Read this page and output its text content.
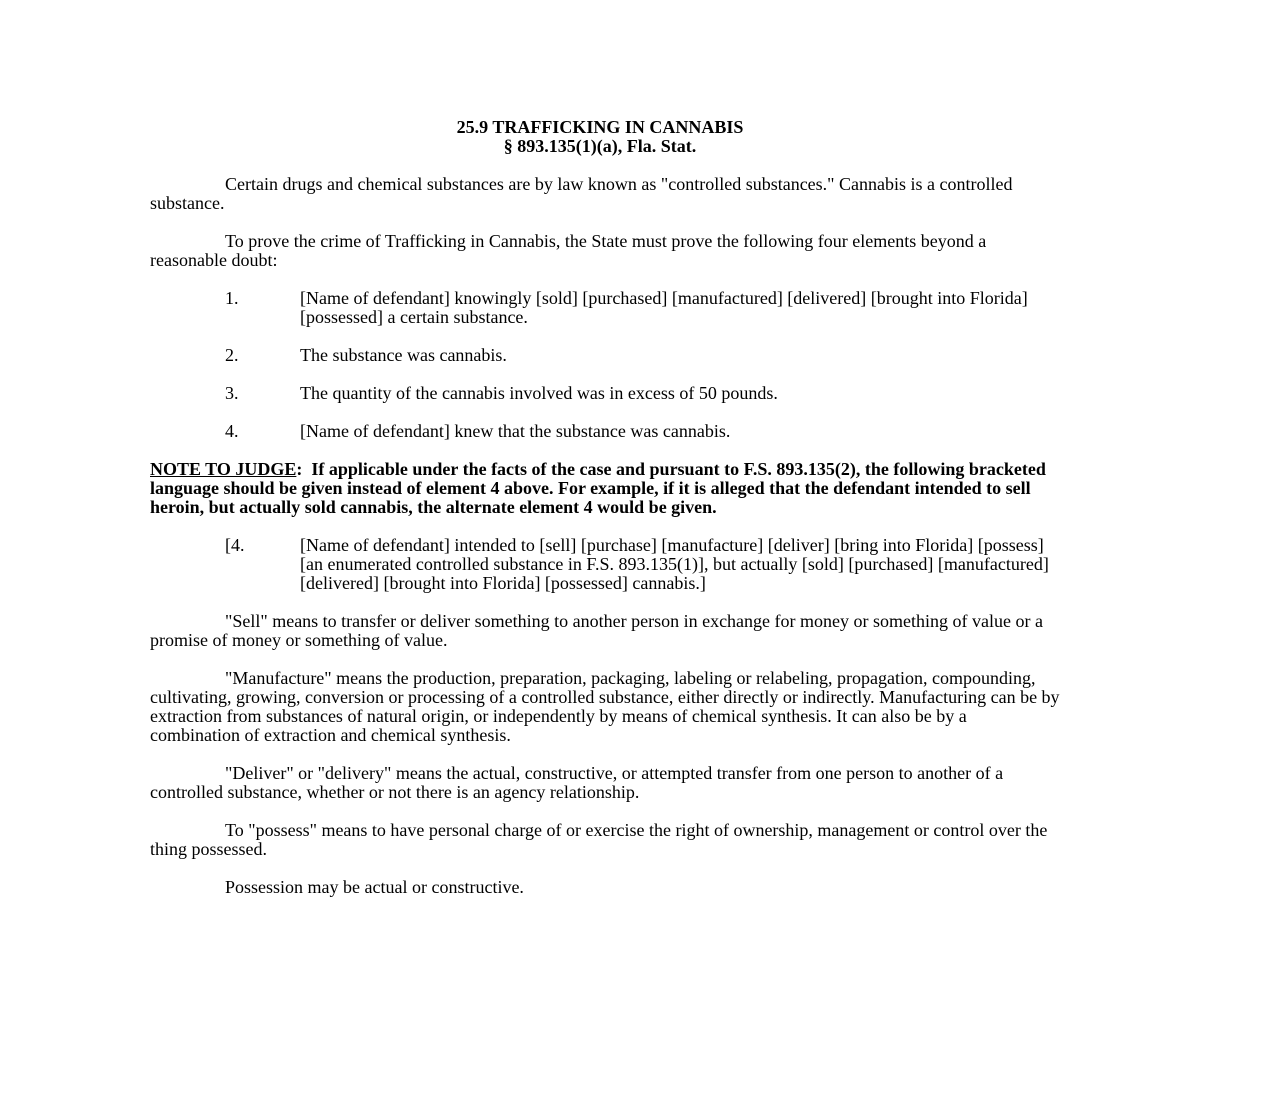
25.9 TRAFFICKING IN CANNABIS
§ 893.135(1)(a), Fla. Stat.

Certain drugs and chemical substances are by law known as "controlled substances." Cannabis is a controlled substance.

To prove the crime of Trafficking in Cannabis, the State must prove the following four elements beyond a reasonable doubt:

1.	[Name of defendant] knowingly [sold] [purchased] [manufactured] [delivered] [brought into Florida] [possessed] a certain substance.
2.	The substance was cannabis.
3.	The quantity of the cannabis involved was in excess of 50 pounds.
4.	[Name of defendant] knew that the substance was cannabis.

NOTE TO JUDGE:  If applicable under the facts of the case and pursuant to F.S. 893.135(2), the following bracketed language should be given instead of element 4 above. For example, if it is alleged that the defendant intended to sell heroin, but actually sold cannabis, the alternate element 4 would be given.

[4.	[Name of defendant] intended to [sell] [purchase] [manufacture] [deliver] [bring into Florida] [possess] [an enumerated controlled substance in F.S. 893.135(1)], but actually [sold] [purchased] [manufactured] [delivered] [brought into Florida] [possessed] cannabis.]

"Sell" means to transfer or deliver something to another person in exchange for money or something of value or a promise of money or something of value.

"Manufacture" means the production, preparation, packaging, labeling or relabeling, propagation, compounding, cultivating, growing, conversion or processing of a controlled substance, either directly or indirectly. Manufacturing can be by extraction from substances of natural origin, or independently by means of chemical synthesis. It can also be by a combination of extraction and chemical synthesis.

"Deliver" or "delivery" means the actual, constructive, or attempted transfer from one person to another of a controlled substance, whether or not there is an agency relationship.

To "possess" means to have personal charge of or exercise the right of ownership, management or control over the thing possessed.

Possession may be actual or constructive.
